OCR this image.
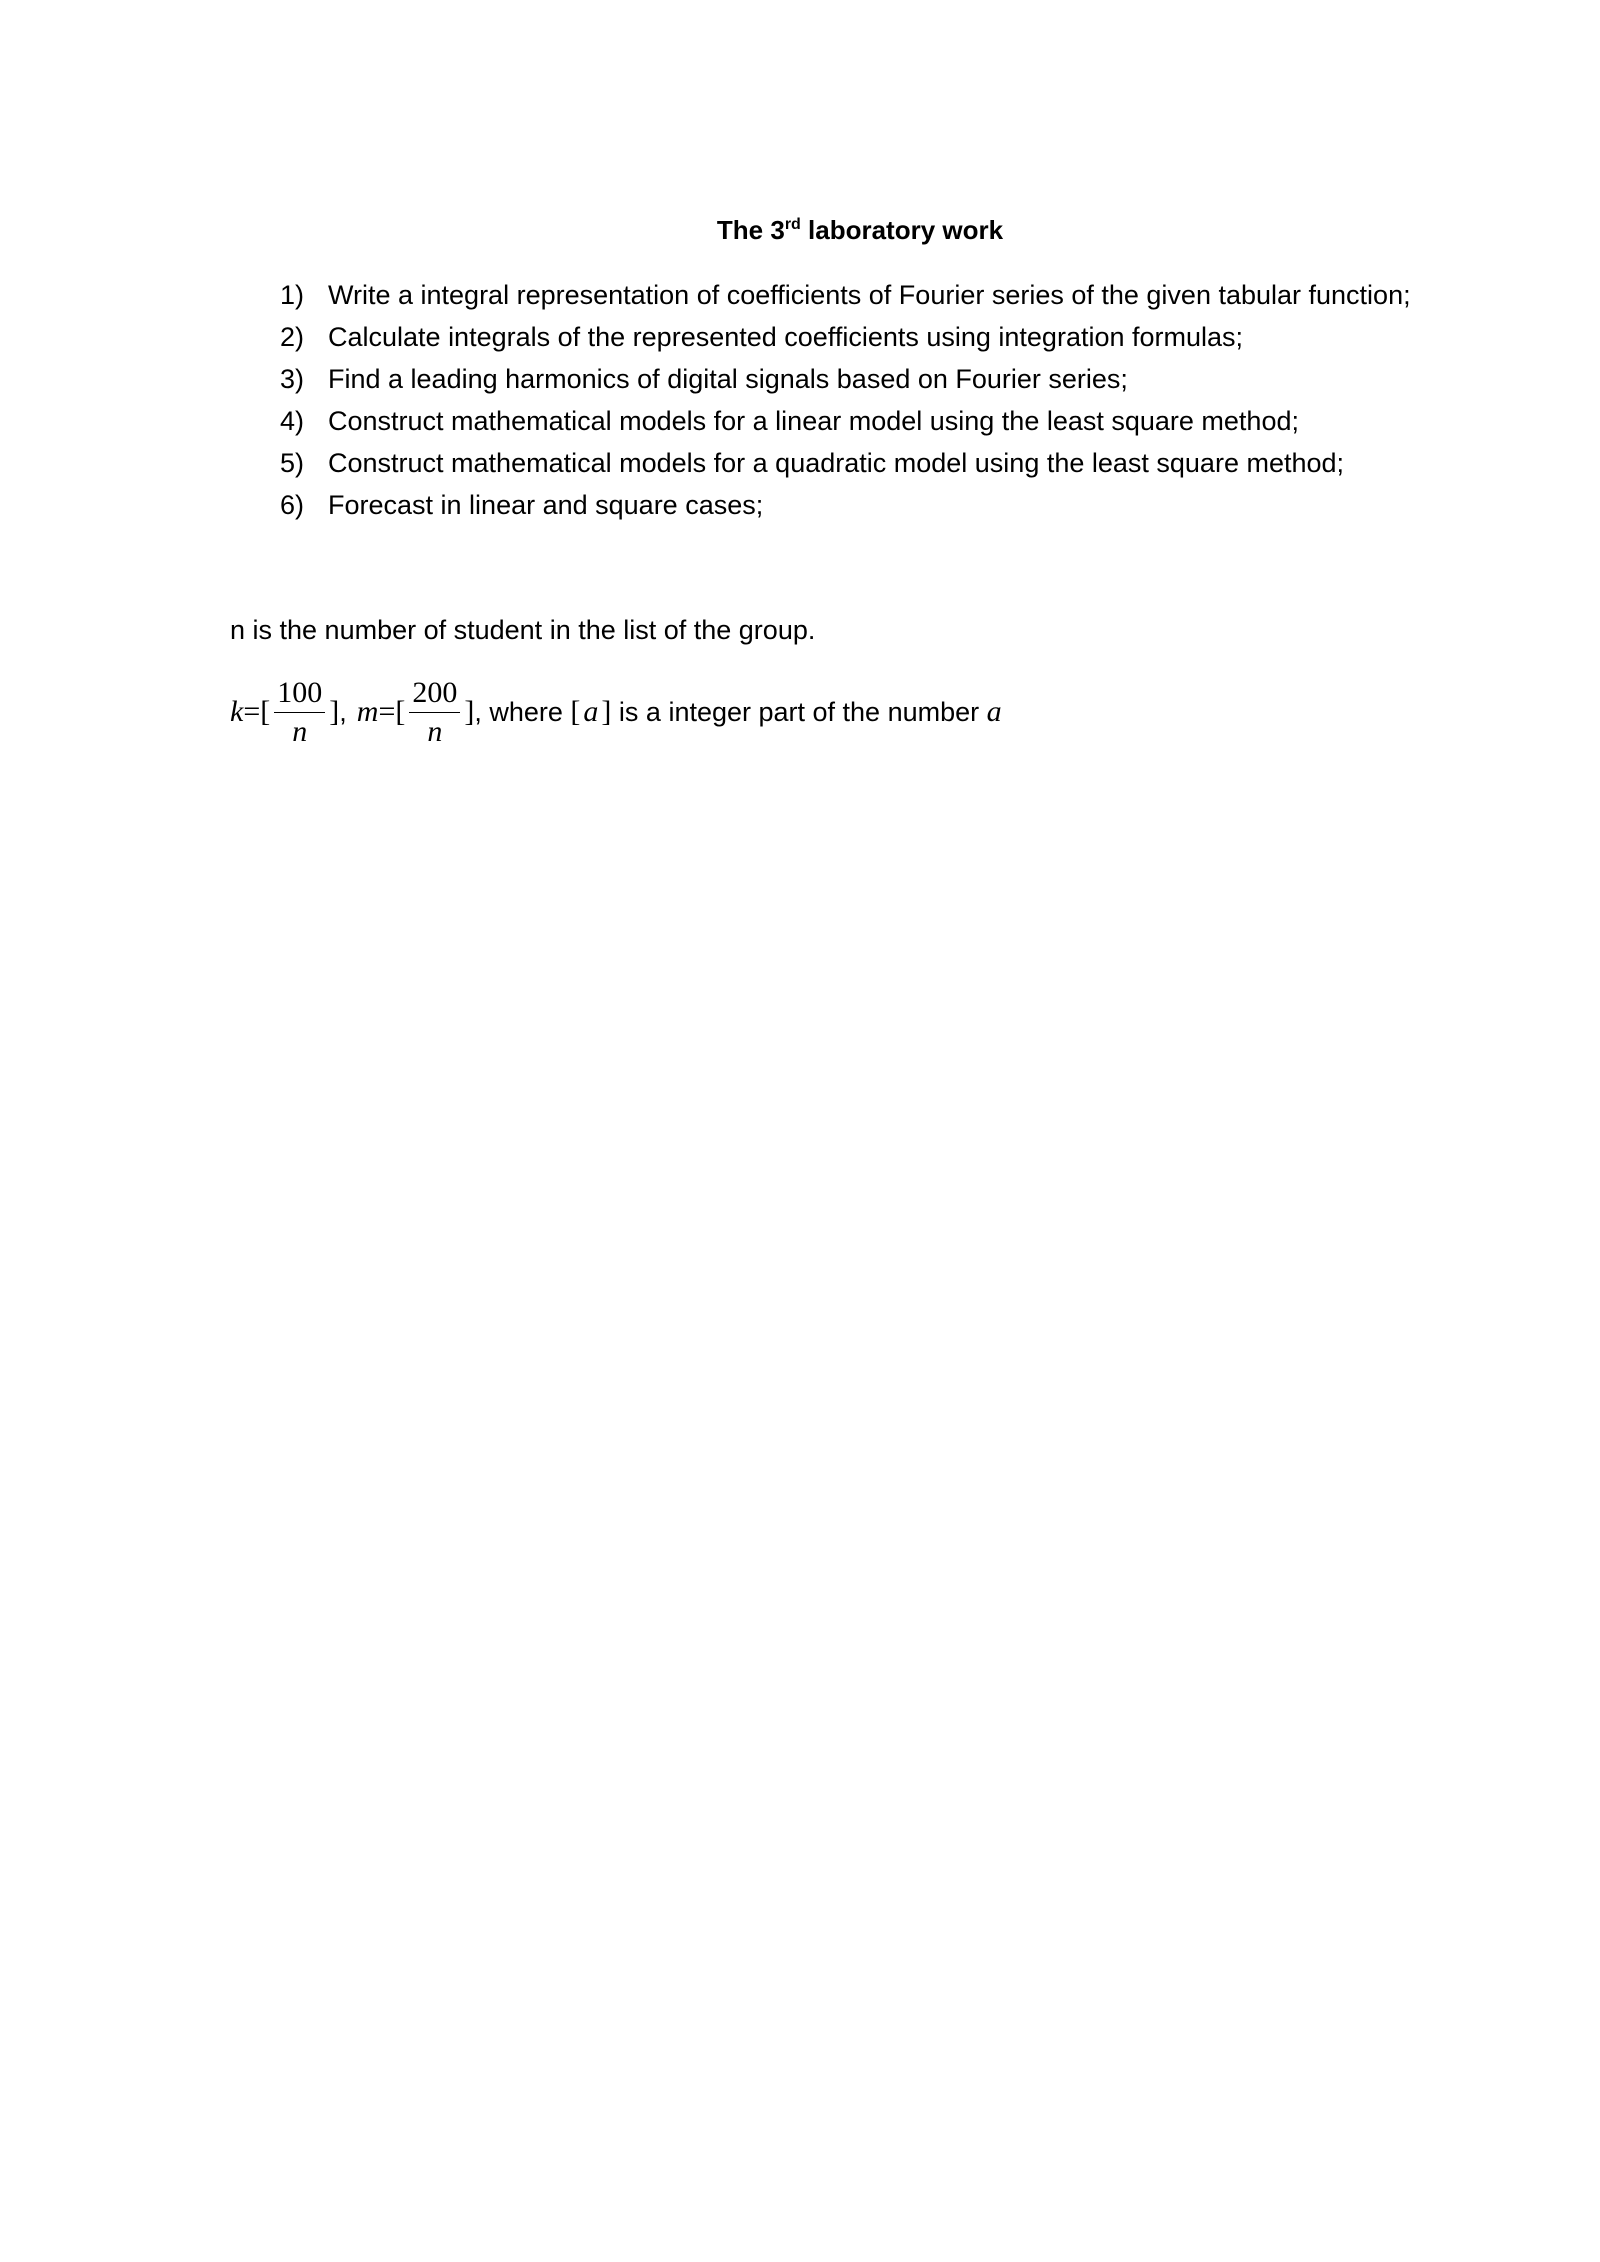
The 3rd laboratory work
1) Write a integral representation of coefficients of Fourier series of the given tabular function;
2) Calculate integrals of the represented coefficients using integration formulas;
3) Find a leading harmonics of digital signals based on Fourier series;
4) Construct mathematical models for a linear model using the least square method;
5) Construct mathematical models for a quadratic model using the least square method;
6) Forecast in linear and square cases;
n is the number of student in the list of the group.
k = [ $\frac{100}{n}$ ] , m = [ $\frac{200}{n}$ ] , where [ a ] is a integer part of the number a
